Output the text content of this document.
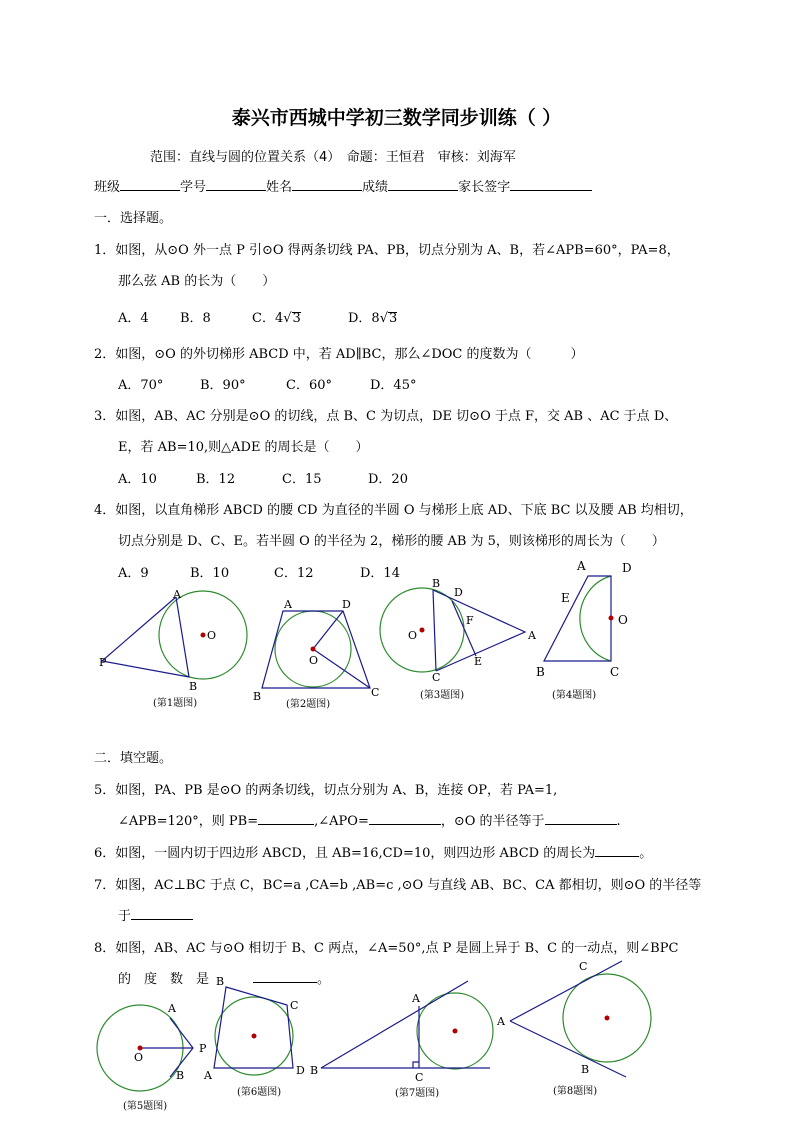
泰兴市西城中学初三数学同步训练（ ）
范围：直线与圆的位置关系（4）　命题：王恒君　审核：刘海军
班级	学号	姓名	成绩	家长签字
一．选择题。
1．如图，从⊙O 外一点 P 引⊙O 得两条切线 PA、PB，切点分别为 A、B，若∠APB=60°，PA=8，
那么弦 AB 的长为（　　）
A．4 B．8	C．4√3	D．8√3
2．如图，⊙O 的外切梯形 ABCD 中，若 AD∥BC，那么∠DOC 的度数为（　　　）
A．70°	B．90°	C．60°	D．45°
3．如图，AB、AC 分别是⊙O 的切线，点 B、C 为切点，DE 切⊙O 于点 F，交 AB 、AC 于点 D、
E，若 AB=10,则△ADE 的周长是（　　）
A．10	B．12	C．15	D．20
4．如图，以直角梯形 ABCD 的腰 CD 为直径的半圆 O 与梯形上底 AD、下底 BC 以及腰 AB 均相切，
切点分别是 D、C、E。若半圆 O 的半径为 2，梯形的腰 AB 为 5，则该梯形的周长为（　　）
A．9	B．10	C．12	D．14
A
O
P
B
A	D
O
B	C
B
D
O
F
A
C
E
A	D
E
O
B	C
(第1题图)	(第2题图)
(第3题图)	(第4题图)
二．填空题。
5．如图，PA、PB 是⊙O 的两条切线，切点分别为 A、B，连接 OP，若 PA=1,
∠APB=120°，则 PB=	,∠APO=	，⊙O 的半径等于	.
6．如图，一圆内切于四边形 ABCD，且 AB=16,CD=10，则四边形 ABCD 的周长为	。
7．如图，AC⊥BC 于点 C，BC=a ,CA=b ,AB=c ,⊙O 与直线 AB、BC、CA 都相切，则⊙O 的半径等
于
8．如图，AB、AC 与⊙O 相切于 B、C 两点，∠A=50°,点 P 是圆上异于 B、C 的一动点，则∠BPC
的　度　数　是	。
A
O
P
B
B
C
A	D
A
B
C
C
A
B
(第5题图)
(第6题图)	(第7题图)	(第8题图)
